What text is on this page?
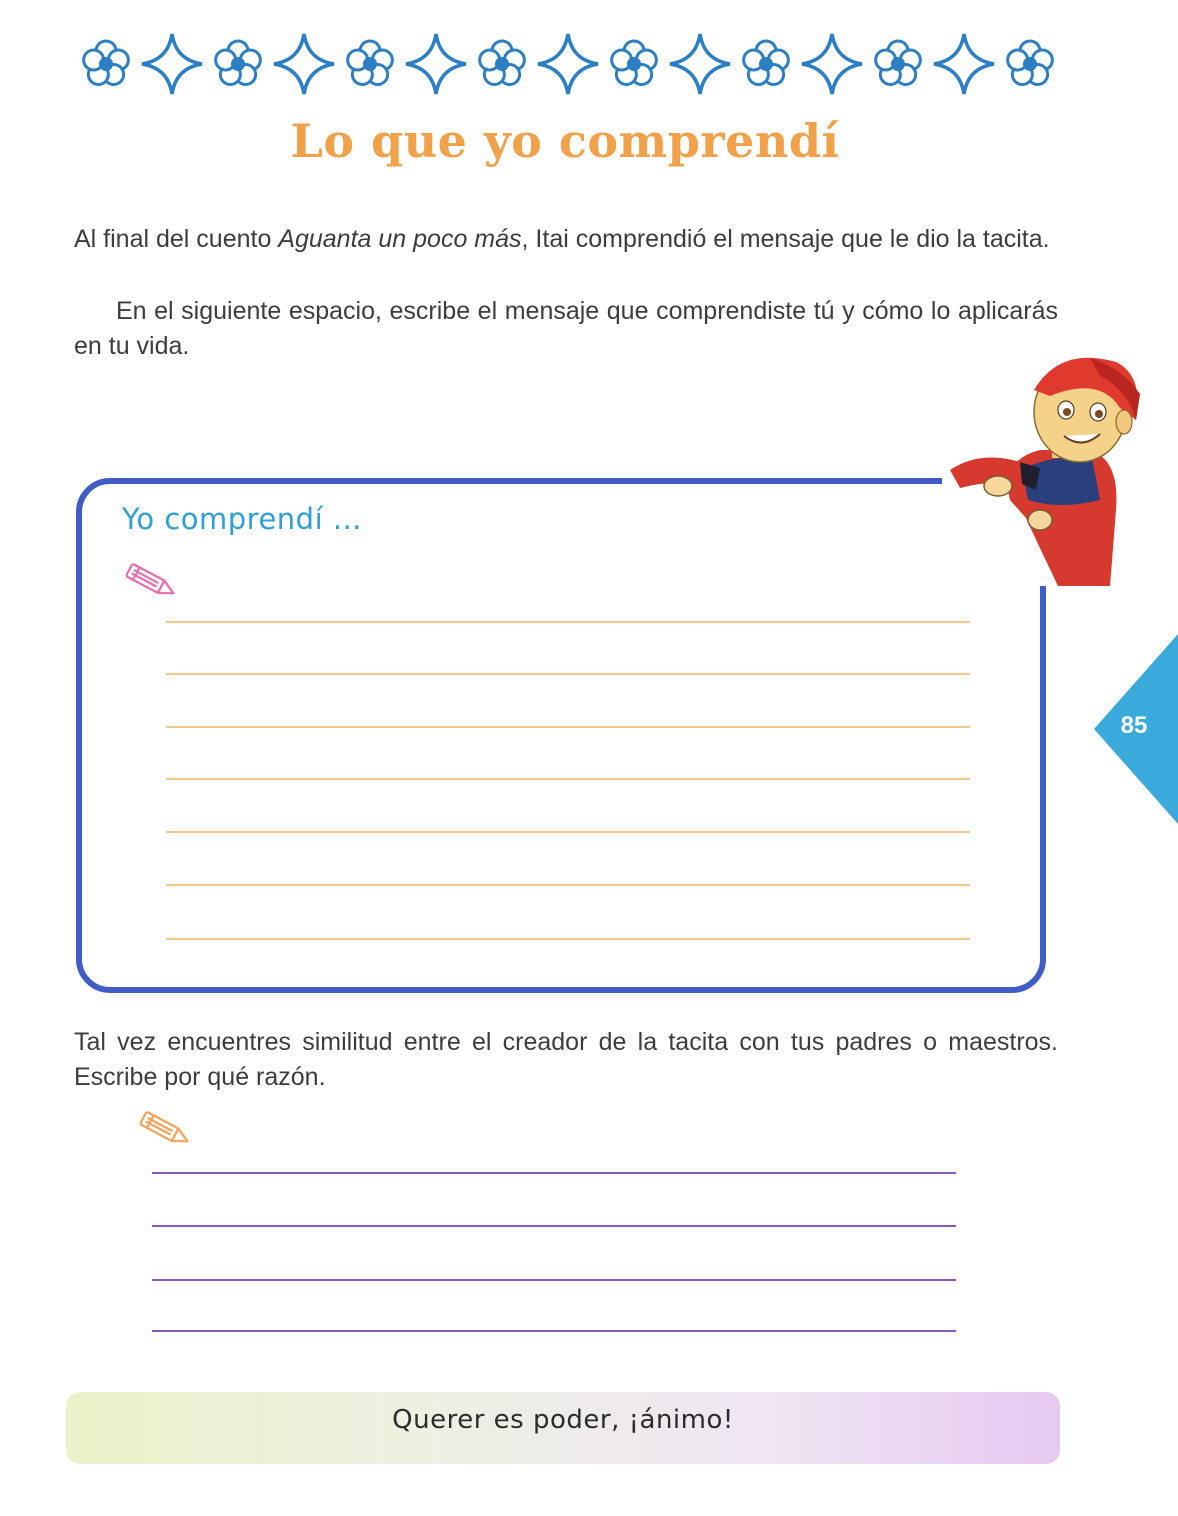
Lo que yo comprendí

Al final del cuento Aguanta un poco más, Itai comprendió el mensaje que le dio la tacita.

En el siguiente espacio, escribe el mensaje que comprendiste tú y cómo lo aplicarás en tu vida.

Yo comprendí ...
85

Tal vez encuentres similitud entre el creador de la tacita con tus padres o maestros. Escribe por qué razón.

Querer es poder, ¡ánimo!
